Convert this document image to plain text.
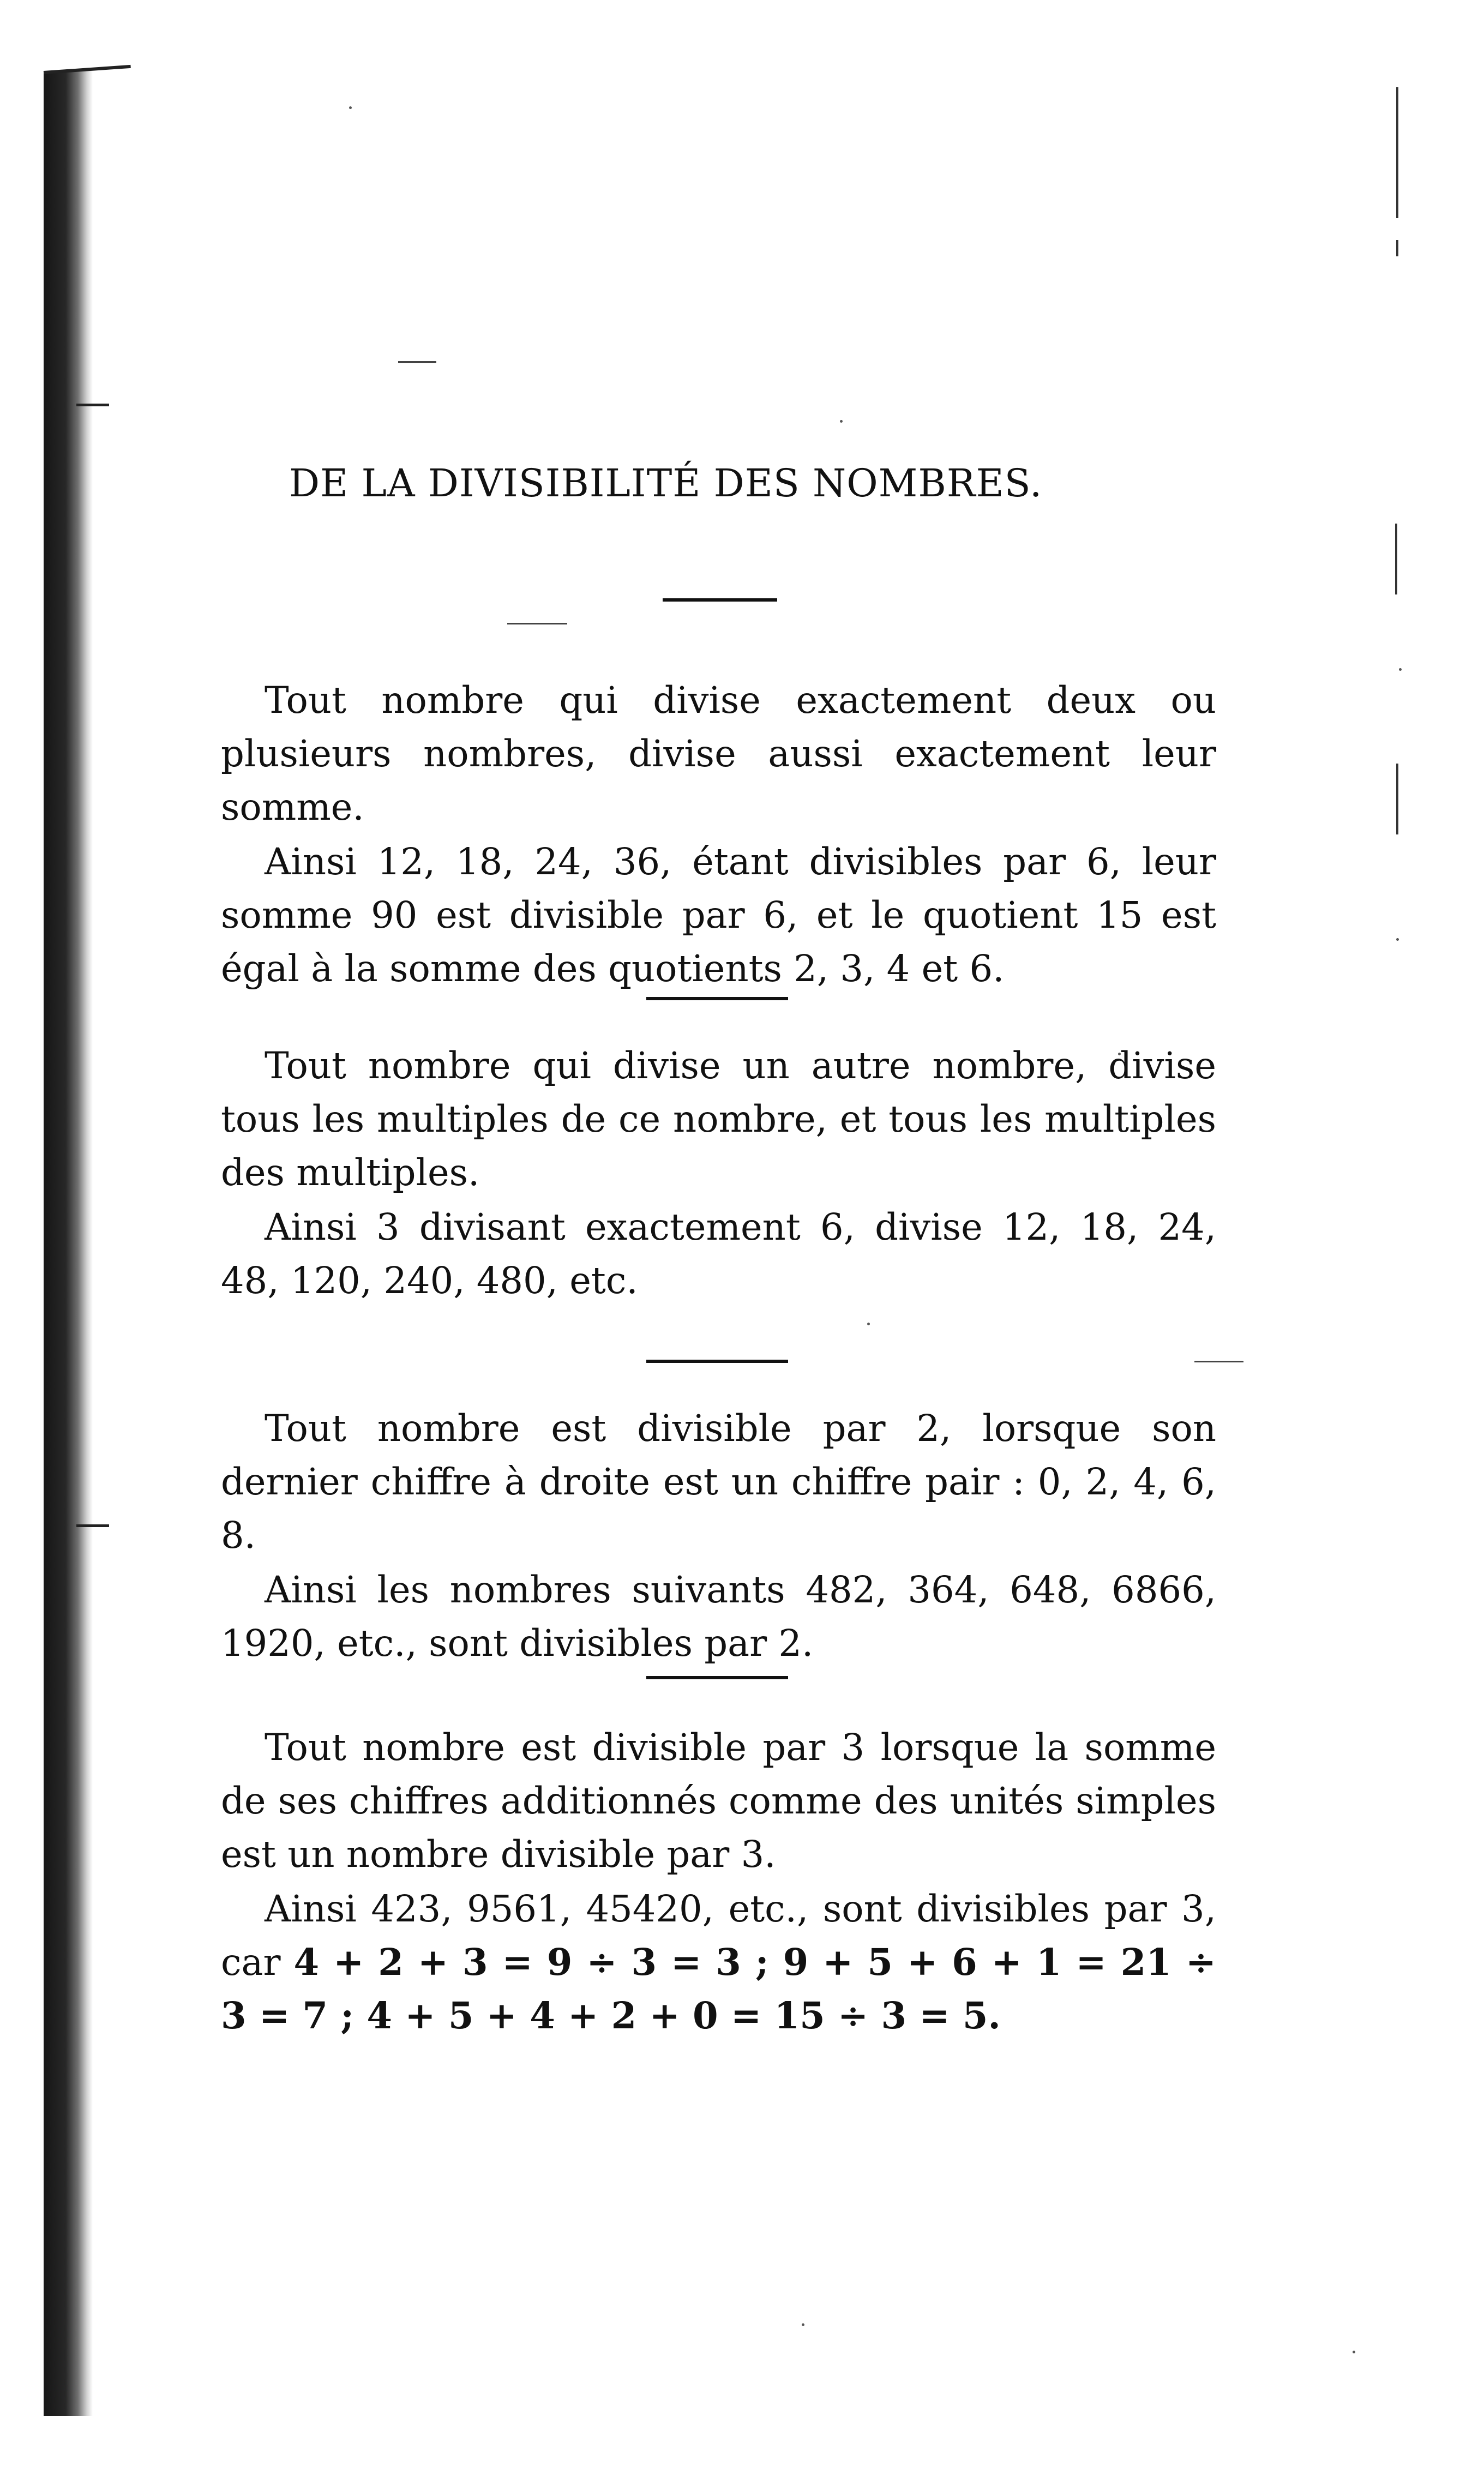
DE LA DIVISIBILITÉ DES NOMBRES.

Tout nombre qui divise exactement deux ou plusieurs nombres, divise aussi exactement leur somme.

Ainsi 12, 18, 24, 36, étant divisibles par 6, leur somme 90 est divisible par 6, et le quotient 15 est égal à la somme des quotients 2, 3, 4 et 6.

Tout nombre qui divise un autre nombre, divise tous les multiples de ce nombre, et tous les multiples des multiples.

Ainsi 3 divisant exactement 6, divise 12, 18, 24, 48, 120, 240, 480, etc.

Tout nombre est divisible par 2, lorsque son dernier chiffre à droite est un chiffre pair : 0, 2, 4, 6, 8.

Ainsi les nombres suivants 482, 364, 648, 6866, 1920, etc., sont divisibles par 2.

Tout nombre est divisible par 3 lorsque la somme de ses chiffres additionnés comme des unités simples est un nombre divisible par 3.

Ainsi 423, 9561, 45420, etc., sont divisibles par 3, car 4 + 2 + 3 = 9 ÷ 3 = 3 ; 9 + 5 + 6 + 1 = 21 ÷ 3 = 7 ; 4 + 5 + 4 + 2 + 0 = 15 ÷ 3 = 5.
